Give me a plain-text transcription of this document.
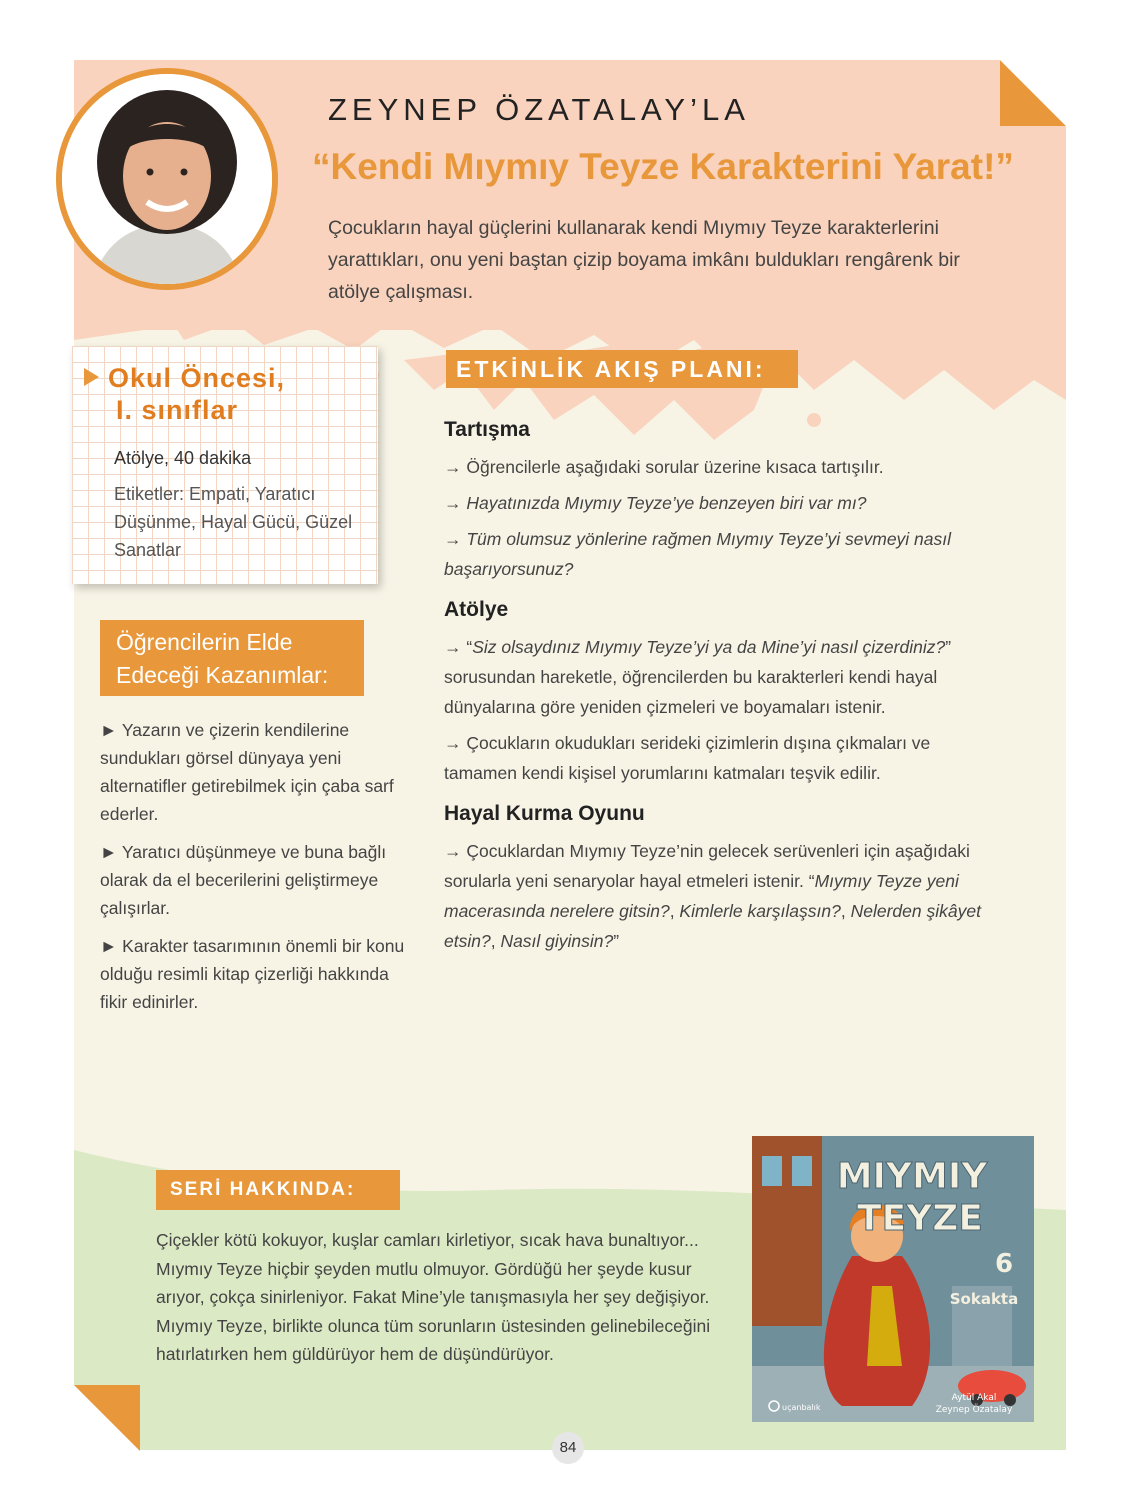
ZEYNEP ÖZATALAY’LA
“Kendi Mıymıy Teyze Karakterini Yarat!”
Çocukların hayal güçlerini kullanarak kendi Mıymıy Teyze karakterlerini yarattıkları, onu yeni baştan çizip boyama imkânı buldukları rengârenk bir atölye çalışması.
Okul Öncesi,
I. sınıflar
Atölye, 40 dakika
Etiketler: Empati, Yaratıcı Düşünme, Hayal Gücü, Güzel Sanatlar
Öğrencilerin Elde
Edeceği Kazanımlar:
► Yazarın ve çizerin kendilerine sundukları görsel dünyaya yeni alternatifler getirebilmek için çaba sarf ederler.
► Yaratıcı düşünmeye ve buna bağlı olarak da el becerilerini geliştirmeye çalışırlar.
► Karakter tasarımının önemli bir konu olduğu resimli kitap çizerliği hakkında fikir edinirler.
ETKİNLİK AKIŞ PLANI:
Tartışma
→ Öğrencilerle aşağıdaki sorular üzerine kısaca tartışılır.
→ Hayatınızda Mıymıy Teyze’ye benzeyen biri var mı?
→ Tüm olumsuz yönlerine rağmen Mıymıy Teyze’yi sevmeyi nasıl başarıyorsunuz?
Atölye
→ “Siz olsaydınız Mıymıy Teyze’yi ya da Mine’yi nasıl çizerdiniz?” sorusundan hareketle, öğrencilerden bu karakterleri kendi hayal dünyalarına göre yeniden çizmeleri ve boyamaları istenir.
→ Çocukların okudukları serideki çizimlerin dışına çıkmaları ve tamamen kendi kişisel yorumlarını katmaları teşvik edilir.
Hayal Kurma Oyunu
→ Çocuklardan Mıymıy Teyze’nin gelecek serüvenleri için aşağıdaki sorularla yeni senaryolar hayal etmeleri istenir. “Mıymıy Teyze yeni macerasında nerelere gitsin?, Kimlerle karşılaşsın?, Nelerden şikâyet etsin?, Nasıl giyinsin?”
SERİ HAKKINDA:
Çiçekler kötü kokuyor, kuşlar camları kirletiyor, sıcak hava bunaltıyor... Mıymıy Teyze hiçbir şeyden mutlu olmuyor. Gördüğü her şeyde kusur arıyor, çokça sinirleniyor. Fakat Mine’yle tanışmasıyla her şey değişiyor. Mıymıy Teyze, birlikte olunca tüm sorunların üstesinden gelinebileceğini hatırlatırken hem güldürüyor hem de düşündürüyor.
MIYMIY
TEYZE
6
Sokakta
Aytül Akal
Zeynep Özatalay
uçanbalık
84
